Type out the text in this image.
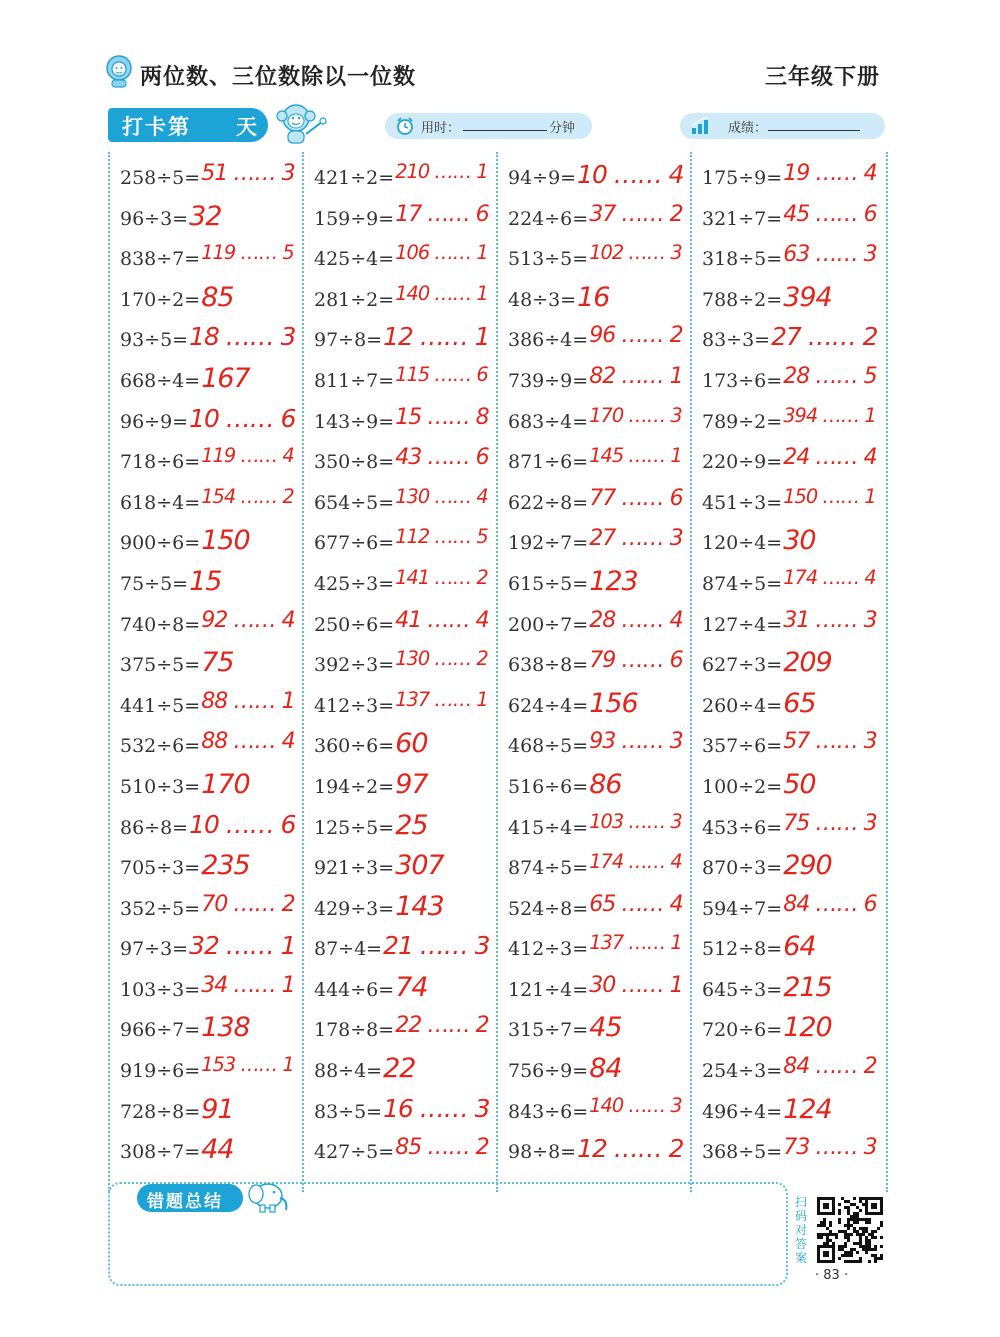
两位数、三位数除以一位数	三年级下册
打卡第 天	用时：	分钟	成绩：
258÷5= 51 …… 3
96÷3= 32
838÷7= 119 …… 5
170÷2= 85
93÷5= 18 …… 3
668÷4= 167
96÷9= 10 …… 6
718÷6= 119 …… 4
618÷4= 154 …… 2
900÷6= 150
75÷5= 15
740÷8= 92 …… 4
375÷5= 75
441÷5= 88 …… 1
532÷6= 88 …… 4
510÷3= 170
86÷8= 10 …… 6
705÷3= 235
352÷5= 70 …… 2
97÷3= 32 …… 1
103÷3= 34 …… 1
966÷7= 138
919÷6= 153 …… 1
728÷8= 91
308÷7= 44
421÷2= 210 …… 1
159÷9= 17 …… 6
425÷4= 106 …… 1
281÷2= 140 …… 1
97÷8= 12 …… 1
811÷7= 115 …… 6
143÷9= 15 …… 8
350÷8= 43 …… 6
654÷5= 130 …… 4
677÷6= 112 …… 5
425÷3= 141 …… 2
250÷6= 41 …… 4
392÷3= 130 …… 2
412÷3= 137 …… 1
360÷6= 60
194÷2= 97
125÷5= 25
921÷3= 307
429÷3= 143
87÷4= 21 …… 3
444÷6= 74
178÷8= 22 …… 2
88÷4= 22
83÷5= 16 …… 3
427÷5= 85 …… 2
94÷9= 10 …… 4
224÷6= 37 …… 2
513÷5= 102 …… 3
48÷3= 16
386÷4= 96 …… 2
739÷9= 82 …… 1
683÷4= 170 …… 3
871÷6= 145 …… 1
622÷8= 77 …… 6
192÷7= 27 …… 3
615÷5= 123
200÷7= 28 …… 4
638÷8= 79 …… 6
624÷4= 156
468÷5= 93 …… 3
516÷6= 86
415÷4= 103 …… 3
874÷5= 174 …… 4
524÷8= 65 …… 4
412÷3= 137 …… 1
121÷4= 30 …… 1
315÷7= 45
756÷9= 84
843÷6= 140 …… 3
98÷8= 12 …… 2
175÷9= 19 …… 4
321÷7= 45 …… 6
318÷5= 63 …… 3
788÷2= 394
83÷3= 27 …… 2
173÷6= 28 …… 5
789÷2= 394 …… 1
220÷9= 24 …… 4
451÷3= 150 …… 1
120÷4= 30
874÷5= 174 …… 4
127÷4= 31 …… 3
627÷3= 209
260÷4= 65
357÷6= 57 …… 3
100÷2= 50
453÷6= 75 …… 3
870÷3= 290
594÷7= 84 …… 6
512÷8= 64
645÷3= 215
720÷6= 120
254÷3= 84 …… 2
496÷4= 124
368÷5= 73 …… 3
错题总结	扫码对答案
· 83 ·
